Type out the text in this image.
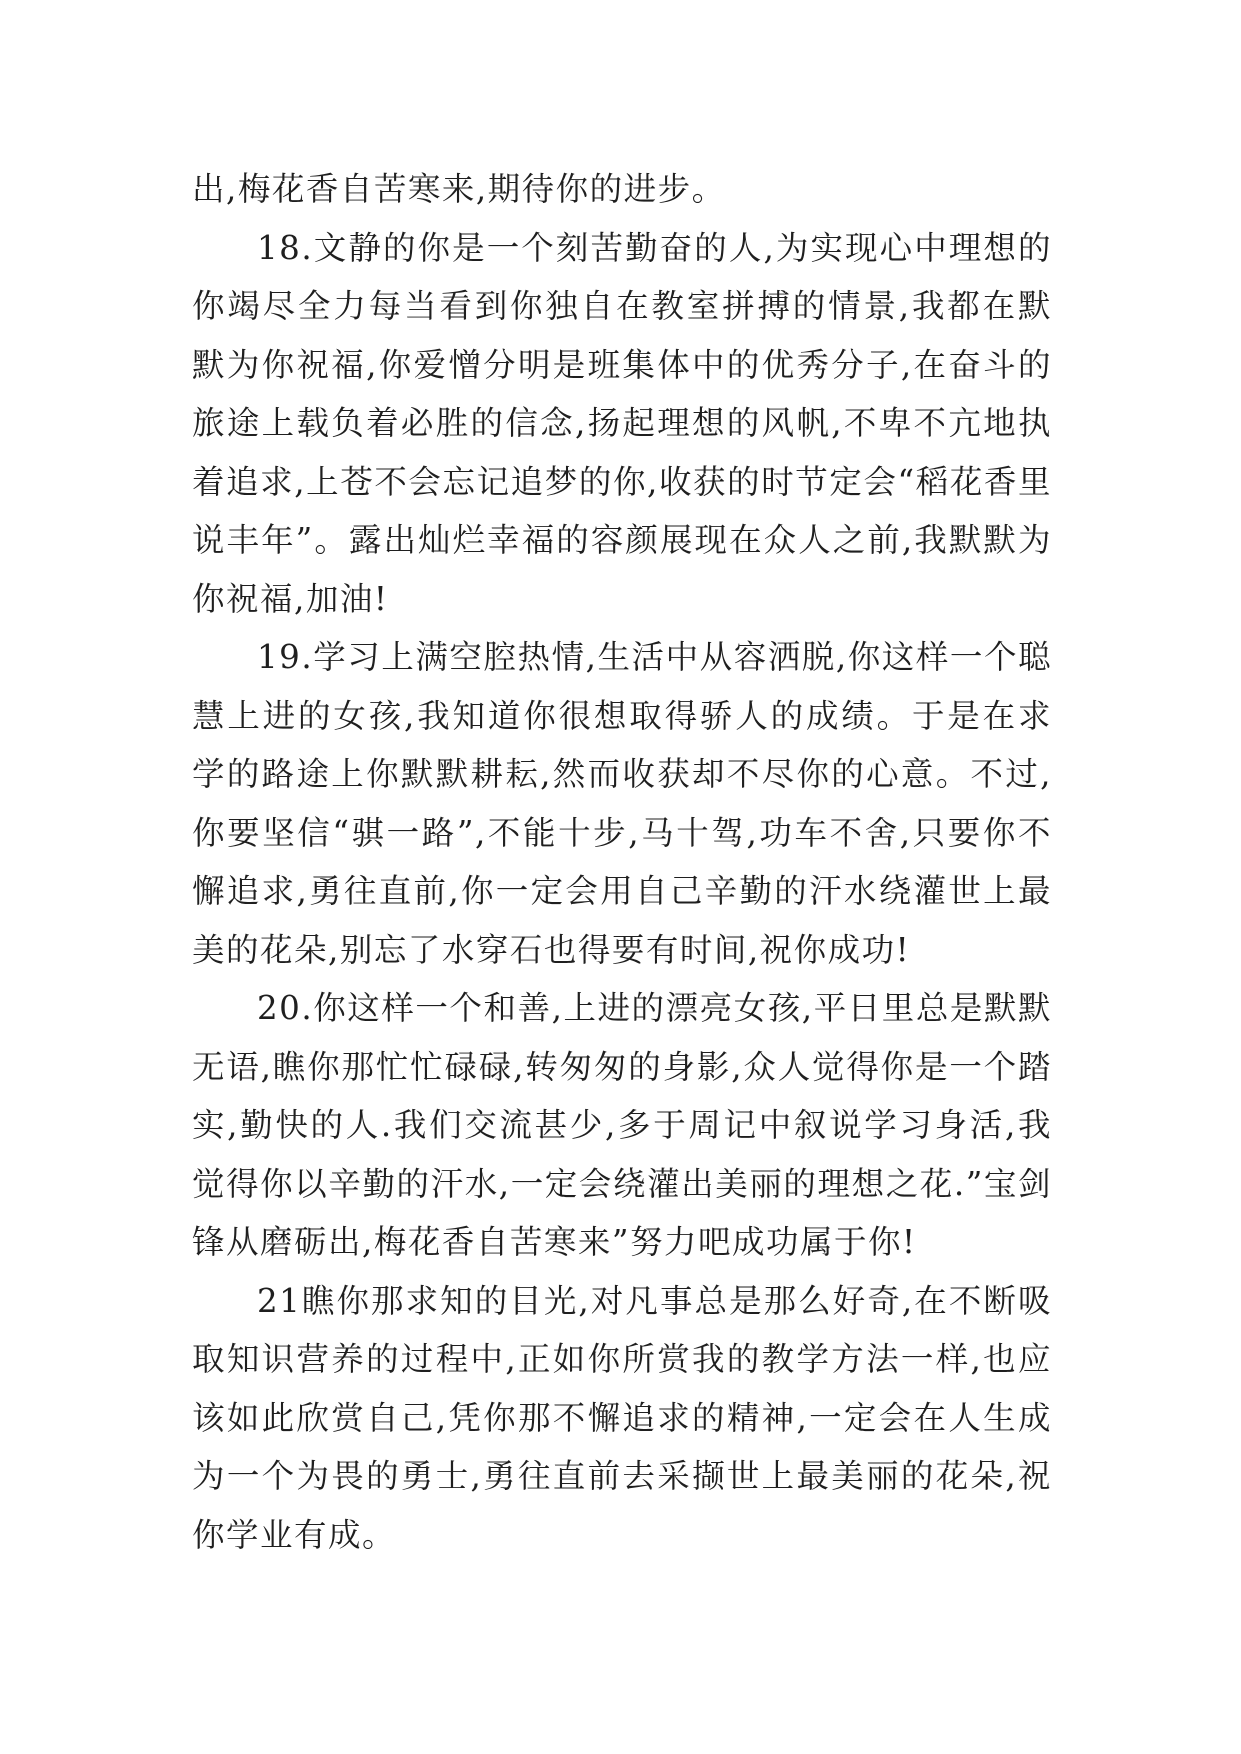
出,梅花香自苦寒来,期待你的进步。

18.文静的你是一个刻苦勤奋的人,为实现心中理想的你竭尽全力每当看到你独自在教室拼搏的情景,我都在默默为你祝福,你爱憎分明是班集体中的优秀分子,在奋斗的旅途上载负着必胜的信念,扬起理想的风帆,不卑不亢地执着追求,上苍不会忘记追梦的你,收获的时节定会“稻花香里说丰年”。露出灿烂幸福的容颜展现在众人之前,我默默为你祝福,加油!

19.学习上满空腔热情,生活中从容洒脱,你这样一个聪慧上进的女孩,我知道你很想取得骄人的成绩。于是在求学的路途上你默默耕耘,然而收获却不尽你的心意。不过,你要坚信“骐一路”,不能十步,马十驾,功车不舍,只要你不懈追求,勇往直前,你一定会用自己辛勤的汗水绕灌世上最美的花朵,别忘了水穿石也得要有时间,祝你成功!

20.你这样一个和善,上进的漂亮女孩,平日里总是默默无语,瞧你那忙忙碌碌,转匆匆的身影,众人觉得你是一个踏实,勤快的人.我们交流甚少,多于周记中叙说学习身活,我觉得你以辛勤的汗水,一定会绕灌出美丽的理想之花.”宝剑锋从磨砺出,梅花香自苦寒来”努力吧成功属于你!

21瞧你那求知的目光,对凡事总是那么好奇,在不断吸取知识营养的过程中,正如你所赏我的教学方法一样,也应该如此欣赏自己,凭你那不懈追求的精神,一定会在人生成为一个为畏的勇士,勇往直前去采撷世上最美丽的花朵,祝你学业有成。
